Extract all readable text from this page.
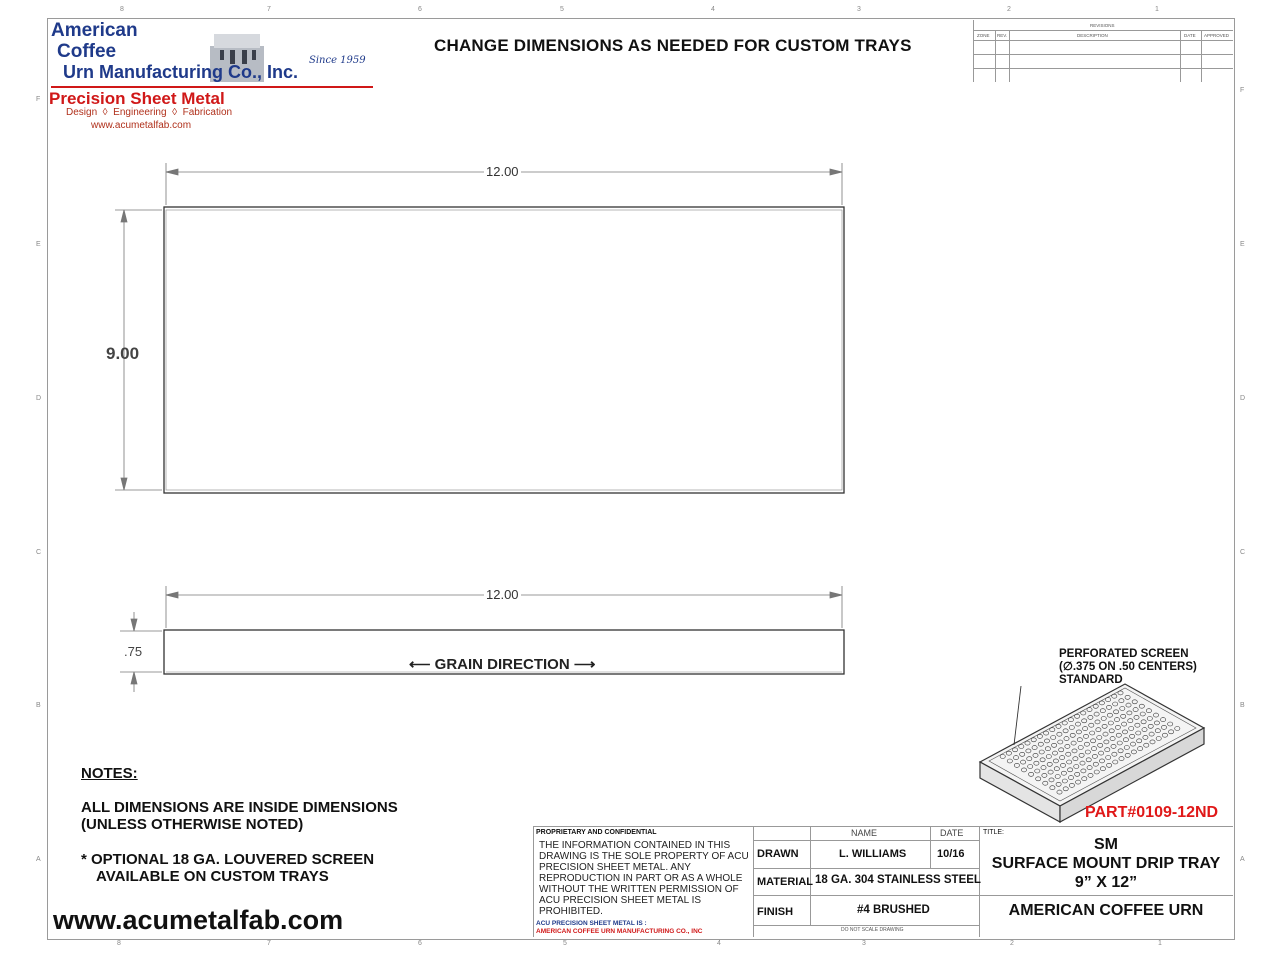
8	7	6	5	4	3	2	1
8	7	6	5	4	3	2	1
F
E
D
C
B
A
F
E
D
C
B
A
American
Coffee
Urn Manufacturing Co., Inc.
Since 1959
Precision Sheet Metal
Design  ◊  Engineering  ◊  Fabrication
www.acumetalfab.com
CHANGE DIMENSIONS AS NEEDED FOR CUSTOM TRAYS
REVISIONS
ZONE REV.	DESCRIPTION	DATE APPROVED
12.00
9.00
12.00
.75
⟵ GRAIN DIRECTION ⟶
PERFORATED SCREEN
(∅.375 ON .50 CENTERS)
STANDARD
PART#0109-12ND
NOTES:
ALL DIMENSIONS ARE INSIDE DIMENSIONS
(UNLESS OTHERWISE NOTED)
* OPTIONAL 18 GA. LOUVERED SCREEN
AVAILABLE ON CUSTOM TRAYS
www.acumetalfab.com
PROPRIETARY AND CONFIDENTIAL
THE INFORMATION CONTAINED IN THIS DRAWING IS THE SOLE PROPERTY OF ACU PRECISION SHEET METAL. ANY REPRODUCTION IN PART OR AS A WHOLE WITHOUT THE WRITTEN PERMISSION OF ACU PRECISION SHEET METAL IS PROHIBITED.
ACU PRECISION SHEET METAL IS :
AMERICAN COFFEE URN MANUFACTURING CO., INC
NAME	DATE
DRAWN	L. WILLIAMS	10/16
MATERIAL 18 GA. 304 STAINLESS STEEL
FINISH	#4 BRUSHED
DO NOT SCALE DRAWING
TITLE:
SM
SURFACE MOUNT DRIP TRAY
9” X 12”
AMERICAN COFFEE URN
